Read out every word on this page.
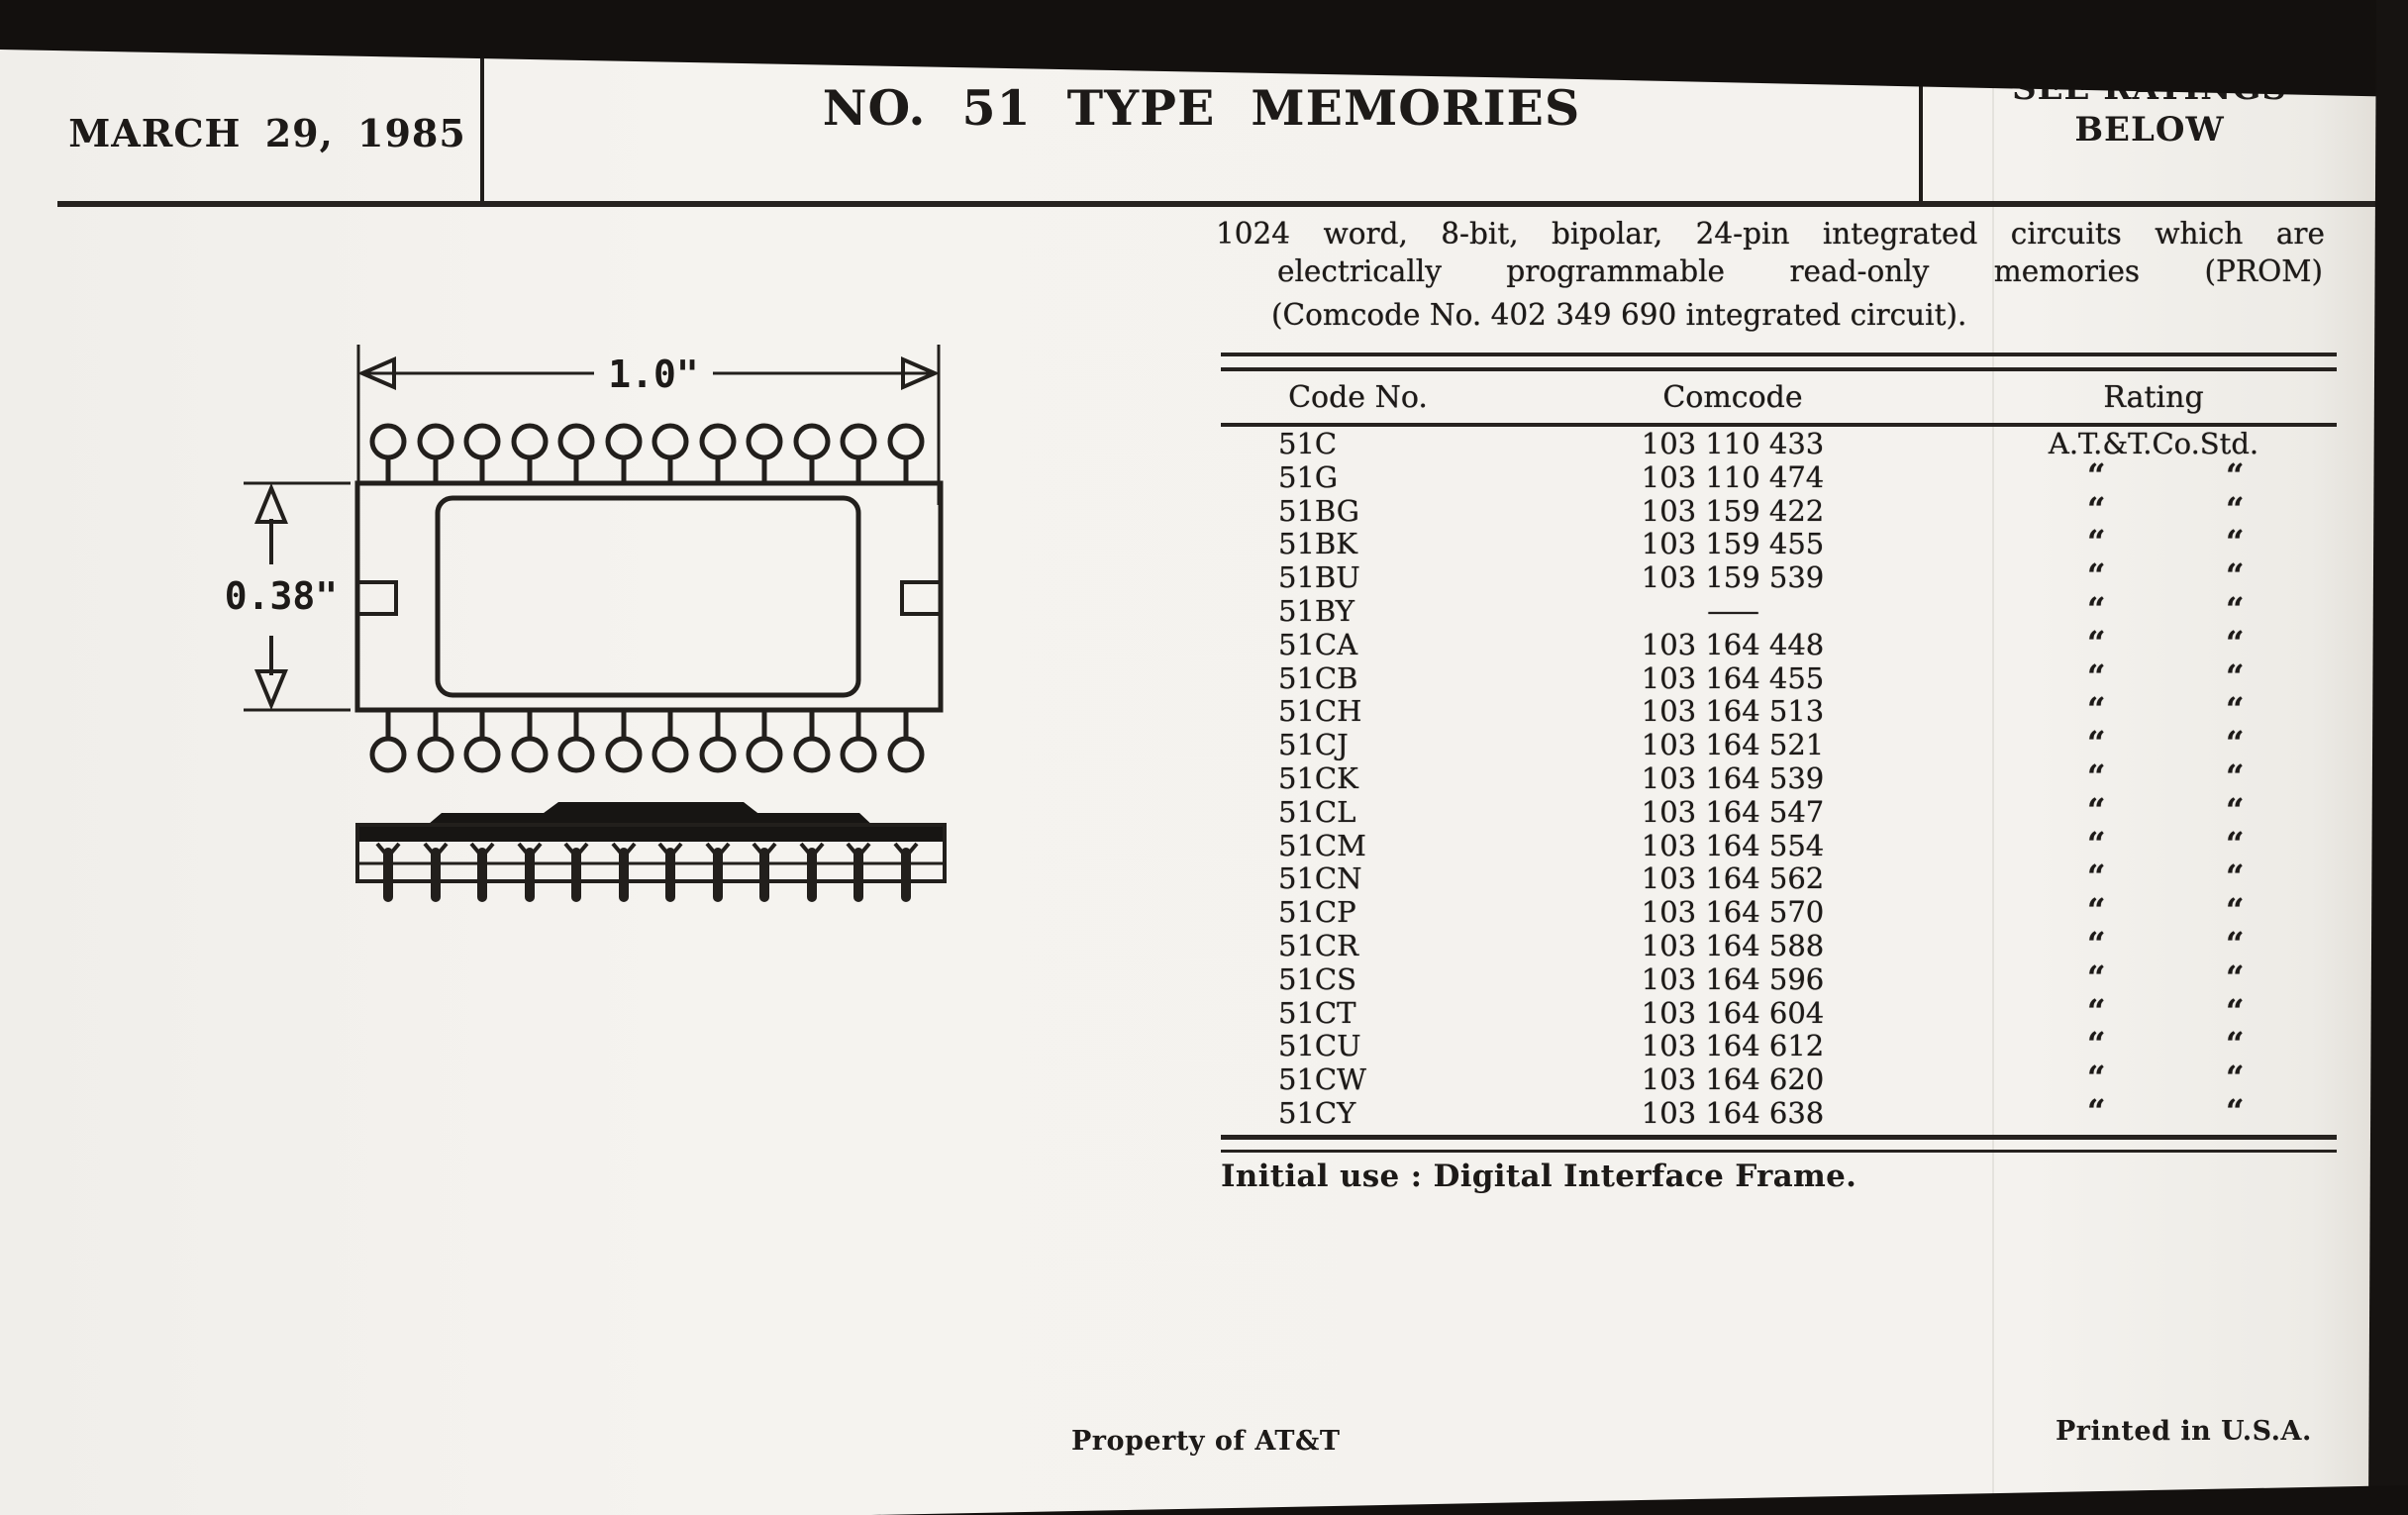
MARCH 29, 1985	NO. 51 TYPE MEMORIES	BELOW
1.0"
0.38"
1024 word, 8-bit, bipolar, 24-pin integrated circuits which are
electrically programmable read-only memories (PROM)
(Comcode No. 402 349 690 integrated circuit).
Code No.	Comcode	Rating
51C	103 110 433	A.T.&T.Co.Std.
51G	103 110 474	“	“
51BG	103 159 422	“	“
51BK	103 159 455	“	“
51BU	103 159 539	“	“
51BY	—	“	“
51CA	103 164 448	“	“
51CB	103 164 455	“	“
51CH	103 164 513	“	“
51CJ	103 164 521	“	“
51CK	103 164 539	“	“
51CL	103 164 547	“	“
51CM	103 164 554	“	“
51CN	103 164 562	“	“
51CP	103 164 570	“	“
51CR	103 164 588	“	“
51CS	103 164 596	“	“
51CT	103 164 604	“	“
51CU	103 164 612	“	“
51CW	103 164 620	“	“
51CY	103 164 638	“	“
Initial use : Digital Interface Frame.
Property of AT&T	Printed in U.S.A.
